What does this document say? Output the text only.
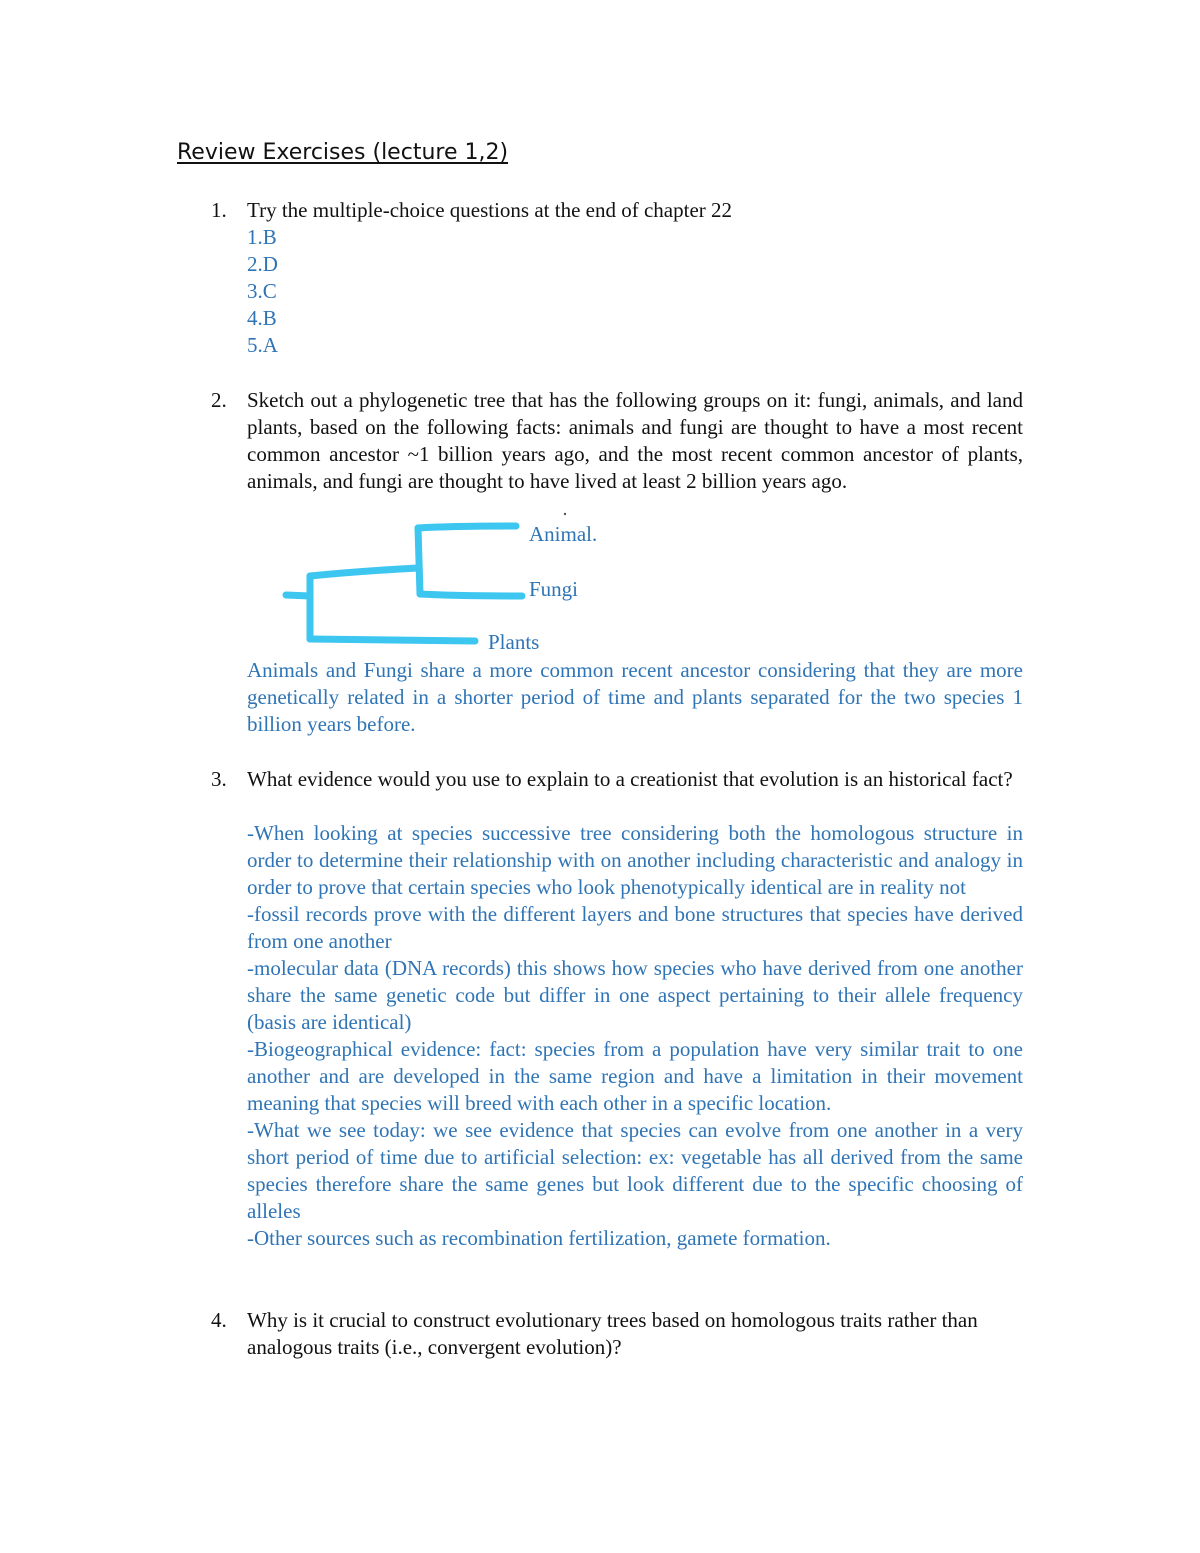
Review Exercises (lecture 1,2)
1. Try the multiple-choice questions at the end of chapter 22
1.B
2.D
3.C
4.B
5.A
2. Sketch out a phylogenetic tree that has the following groups on it: fungi, animals, and land plants, based on the following facts: animals and fungi are thought to have a most recent common ancestor ~1 billion years ago, and the most recent common ancestor of plants, animals, and fungi are thought to have lived at least 2 billion years ago.
Animal.
Fungi
Plants
Animals and Fungi share a more common recent ancestor considering that they are more genetically related in a shorter period of time and plants separated for the two species 1 billion years before.
3. What evidence would you use to explain to a creationist that evolution is an historical fact?

-When looking at species successive tree considering both the homologous structure in order to determine their relationship with on another including characteristic and analogy in order to prove that certain species who look phenotypically identical are in reality not

-fossil records prove with the different layers and bone structures that species have derived from one another

-molecular data (DNA records) this shows how species who have derived from one another share the same genetic code but differ in one aspect pertaining to their allele frequency (basis are identical)

-Biogeographical evidence: fact: species from a population have very similar trait to one another and are developed in the same region and have a limitation in their movement meaning that species will breed with each other in a specific location.

-What we see today: we see evidence that species can evolve from one another in a very short period of time due to artificial selection: ex: vegetable has all derived from the same species therefore share the same genes but look different due to the specific choosing of alleles

-Other sources such as recombination fertilization, gamete formation.

4. Why is it crucial to construct evolutionary trees based on homologous traits rather than analogous traits (i.e., convergent evolution)?
